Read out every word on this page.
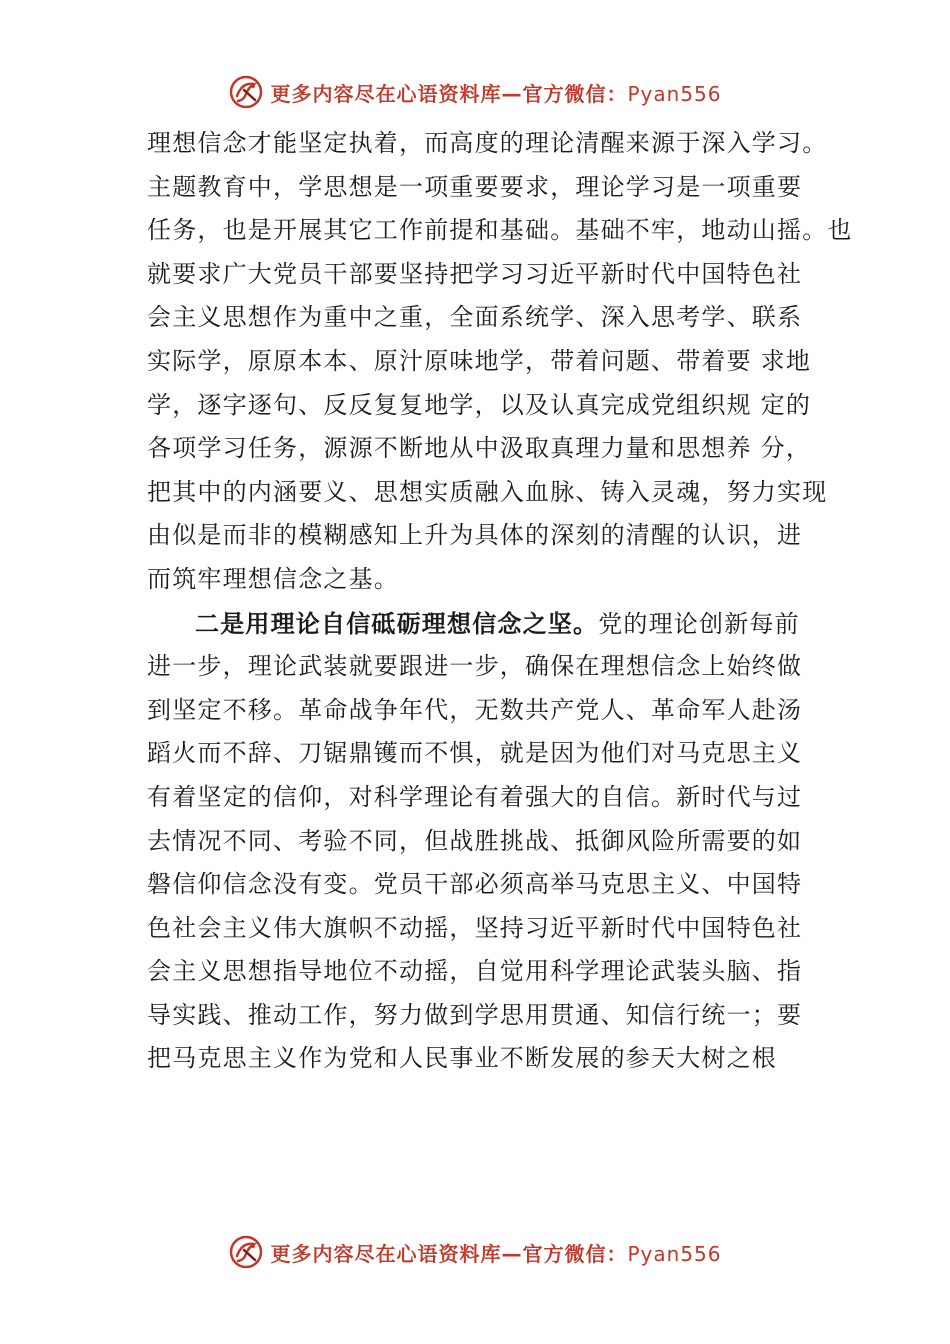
更多内容尽在心语资料库—官方微信：Pyan556
理想信念才能坚定执着，而高度的理论清醒来源于深入学习。
主题教育中，学思想是一项重要要求，理论学习是一项重要
任务，也是开展其它工作前提和基础。基础不牢，地动山摇。也
就要求广大党员干部要坚持把学习习近平新时代中国特色社
会主义思想作为重中之重，全面系统学、深入思考学、联系
实际学，原原本本、原汁原味地学，带着问题、带着要 求地
学，逐字逐句、反反复复地学，以及认真完成党组织规 定的
各项学习任务，源源不断地从中汲取真理力量和思想养 分，
把其中的内涵要义、思想实质融入血脉、铸入灵魂，努力实现
由似是而非的模糊感知上升为具体的深刻的清醒的认识，进
而筑牢理想信念之基。
二是用理论自信砥砺理想信念之坚。党的理论创新每前
进一步，理论武装就要跟进一步，确保在理想信念上始终做
到坚定不移。革命战争年代，无数共产党人、革命军人赴汤
蹈火而不辞、刀锯鼎镬而不惧，就是因为他们对马克思主义
有着坚定的信仰，对科学理论有着强大的自信。新时代与过
去情况不同、考验不同，但战胜挑战、抵御风险所需要的如
磐信仰信念没有变。党员干部必须高举马克思主义、中国特
色社会主义伟大旗帜不动摇，坚持习近平新时代中国特色社
会主义思想指导地位不动摇，自觉用科学理论武装头脑、指
导实践、推动工作，努力做到学思用贯通、知信行统一；要
把马克思主义作为党和人民事业不断发展的参天大树之根
更多内容尽在心语资料库—官方微信：Pyan556
